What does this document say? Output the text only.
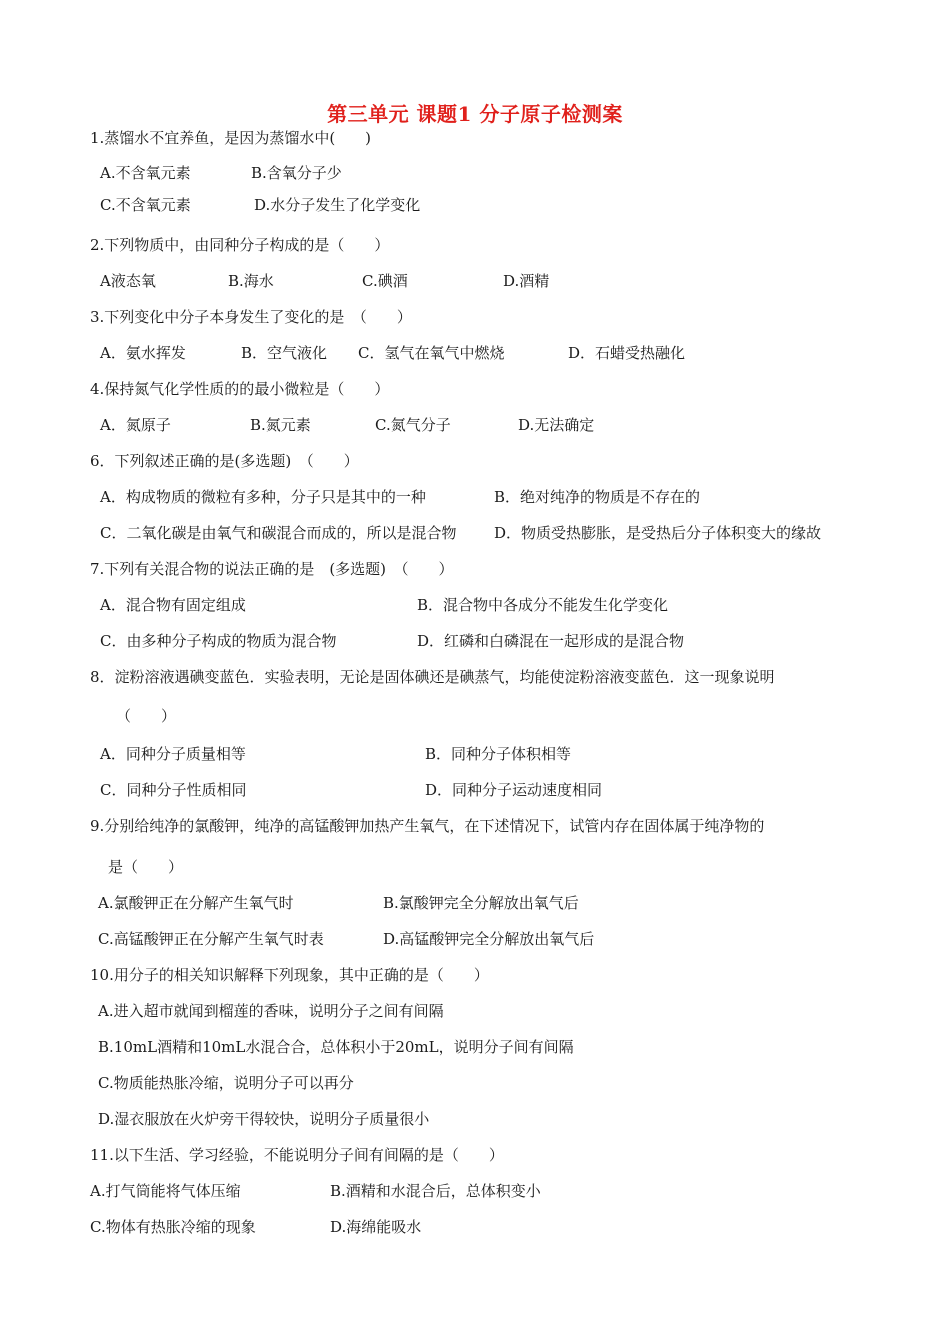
第三单元 课题1 分子原子检测案
1.蒸馏水不宜养鱼，是因为蒸馏水中(　　)
A.不含氧元素	B.含氧分子少
C.不含氧元素	D.水分子发生了化学变化
2.下列物质中，由同种分子构成的是（　　）
A液态氧	B.海水	C.碘酒	D.酒精
3.下列变化中分子本身发生了变化的是　（　　）
A．氨水挥发	B．空气液化 C．氢气在氧气中燃烧	D．石蜡受热融化
4.保持氮气化学性质的的最小微粒是（　　）
A．氮原子	B.氮元素	C.氮气分子	D.无法确定
6．下列叙述正确的是(多选题)　（　　）
A．构成物质的微粒有多种，分子只是其中的一种	B．绝对纯净的物质是不存在的
C．二氧化碳是由氧气和碳混合而成的，所以是混合物	D．物质受热膨胀，是受热后分子体积变大的缘故
7.下列有关混合物的说法正确的是　(多选题)　（　　）
A．混合物有固定组成	B．混合物中各成分不能发生化学变化
C．由多种分子构成的物质为混合物	D．红磷和白磷混在一起形成的是混合物
8．淀粉溶液遇碘变蓝色．实验表明，无论是固体碘还是碘蒸气，均能使淀粉溶液变蓝色．这一现象说明
（　　）
A．同种分子质量相等	B．同种分子体积相等
C．同种分子性质相同	D．同种分子运动速度相同
9.分别给纯净的氯酸钾，纯净的高锰酸钾加热产生氧气，在下述情况下，试管内存在固体属于纯净物的
是（　　）
A.氯酸钾正在分解产生氧气时	B.氯酸钾完全分解放出氧气后
C.高锰酸钾正在分解产生氧气时表	D.高锰酸钾完全分解放出氧气后
10.用分子的相关知识解释下列现象，其中正确的是（　　）
A.进入超市就闻到榴莲的香味，说明分子之间有间隔
B.10mL酒精和10mL水混合合，总体积小于20mL，说明分子间有间隔
C.物质能热胀冷缩，说明分子可以再分
D.湿衣服放在火炉旁干得较快，说明分子质量很小
11.以下生活、学习经验，不能说明分子间有间隔的是（　　）
A.打气筒能将气体压缩	B.酒精和水混合后，总体积变小
C.物体有热胀冷缩的现象	D.海绵能吸水
